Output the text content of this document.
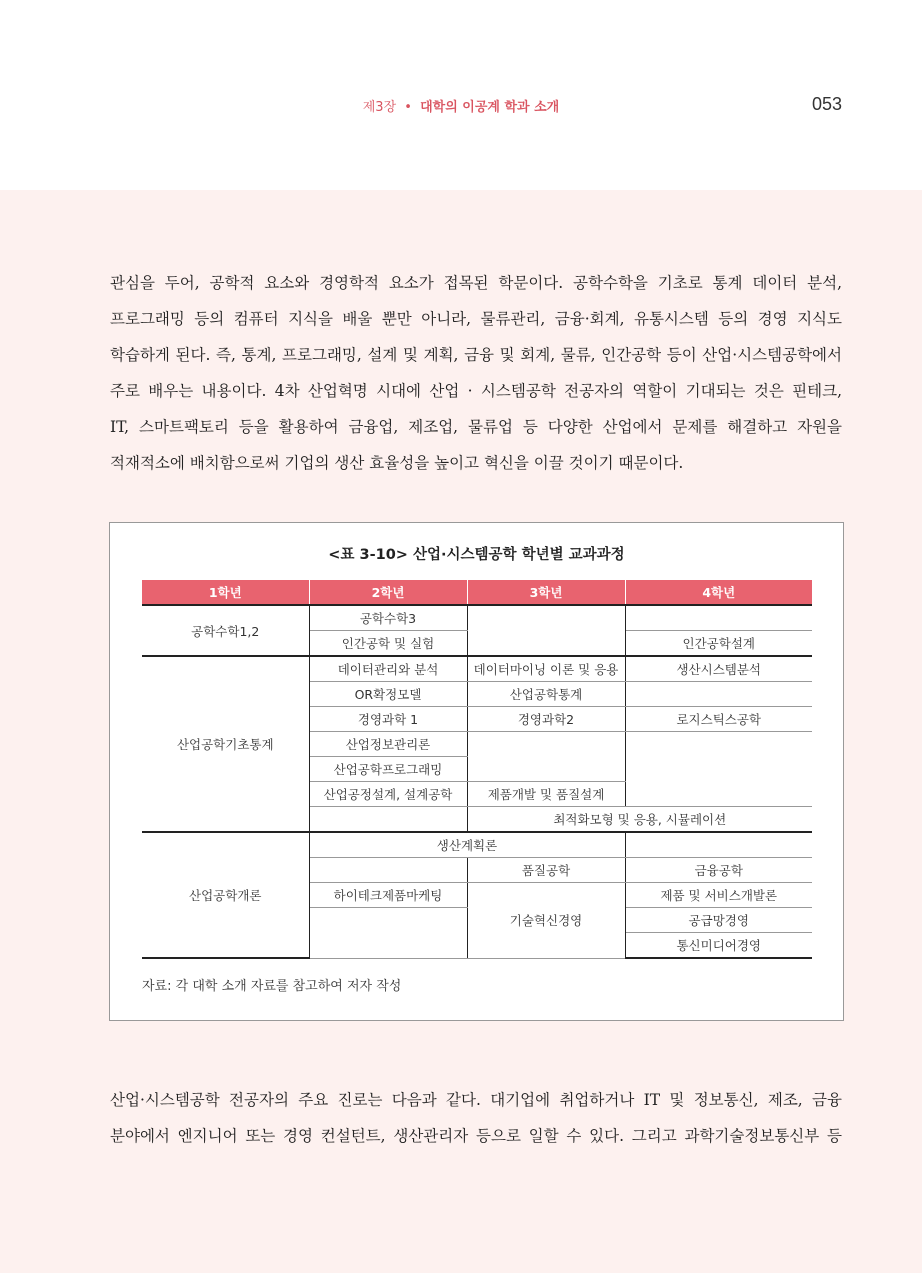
제3장 • 대학의 이공계 학과 소개	053
관심을 두어, 공학적 요소와 경영학적 요소가 접목된 학문이다. 공학수학을 기초로 통계 데이터 분석,
프로그래밍 등의 컴퓨터 지식을 배울 뿐만 아니라, 물류관리, 금융·회계, 유통시스템 등의 경영 지식도
학습하게 된다. 즉, 통계, 프로그래밍, 설계 및 계획, 금융 및 회계, 물류, 인간공학 등이 산업·시스템공학에서
주로 배우는 내용이다. 4차 산업혁명 시대에 산업 · 시스템공학 전공자의 역할이 기대되는 것은 핀테크,
IT, 스마트팩토리 등을 활용하여 금융업, 제조업, 물류업 등 다양한 산업에서 문제를 해결하고 자원을
적재적소에 배치함으로써 기업의 생산 효율성을 높이고 혁신을 이끌 것이기 때문이다.
<표 3-10> 산업·시스템공학 학년별 교과과정
1학년	2학년	3학년	4학년
공학수학1,2	공학수학3		
	인간공학 및 실험		인간공학설계
산업공학기초통계	데이터관리와 분석	데이터마이닝 이론 및 응용	생산시스템분석
	OR확정모델	산업공학통계	
	경영과학 1	경영과학2	로지스틱스공학
	산업정보관리론		
	산업공학프로그래밍		
	산업공정설계, 설계공학	제품개발 및 품질설계	
		최적화모형 및 응용, 시뮬레이션	
산업공학개론	생산계획론		
		품질공학	금융공학
	하이테크제품마케팅	기술혁신경영	제품 및 서비스개발론
			공급망경영
			통신미디어경영
자료: 각 대학 소개 자료를 참고하여 저자 작성
산업·시스템공학 전공자의 주요 진로는 다음과 같다. 대기업에 취업하거나 IT 및 정보통신, 제조, 금융
분야에서 엔지니어 또는 경영 컨설턴트, 생산관리자 등으로 일할 수 있다. 그리고 과학기술정보통신부 등
